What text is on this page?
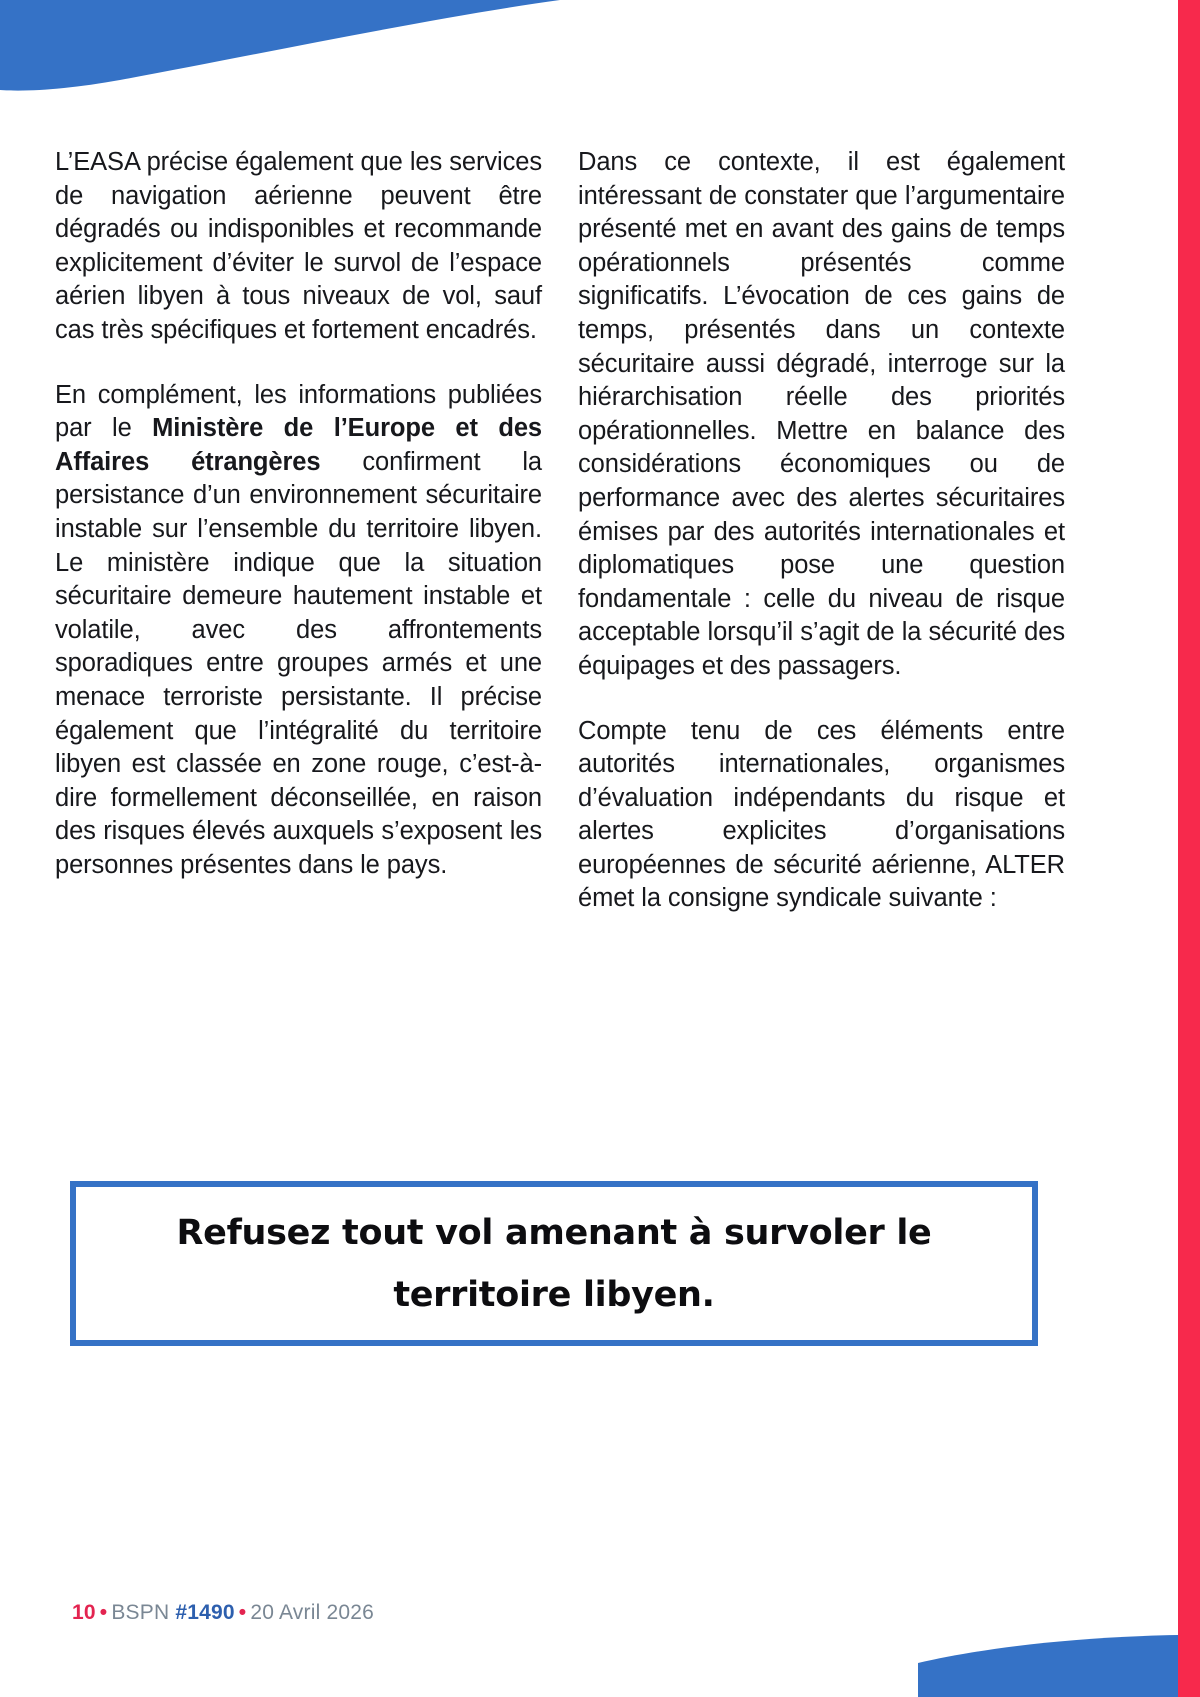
L’EASA précise également que les services de navigation aérienne peuvent être dégradés ou indisponibles et recommande explicitement d’éviter le survol de l’espace aérien libyen à tous niveaux de vol, sauf cas très spécifiques et fortement encadrés.

En complément, les informations publiées par le Ministère de l’Europe et des Affaires étrangères confirment la persistance d’un environnement sécuritaire instable sur l’ensemble du territoire libyen. Le ministère indique que la situation sécuritaire demeure hautement instable et volatile, avec des affrontements sporadiques entre groupes armés et une menace terroriste persistante. Il précise également que l’intégralité du territoire libyen est classée en zone rouge, c’est-à-dire formellement déconseillée, en raison des risques élevés auxquels s’exposent les personnes présentes dans le pays.

Dans ce contexte, il est également intéressant de constater que l’argumentaire présenté met en avant des gains de temps opérationnels présentés comme significatifs. L’évocation de ces gains de temps, présentés dans un contexte sécuritaire aussi dégradé, interroge sur la hiérarchisation réelle des priorités opérationnelles. Mettre en balance des considérations économiques ou de performance avec des alertes sécuritaires émises par des autorités internationales et diplomatiques pose une question fondamentale : celle du niveau de risque acceptable lorsqu’il s’agit de la sécurité des équipages et des passagers.

Compte tenu de ces éléments entre autorités internationales, organismes d’évaluation indépendants du risque et alertes explicites d’organisations européennes de sécurité aérienne, ALTER émet la consigne syndicale suivante :

Refusez tout vol amenant à survoler le territoire libyen.
10 • BSPN #1490 • 20 Avril 2026
